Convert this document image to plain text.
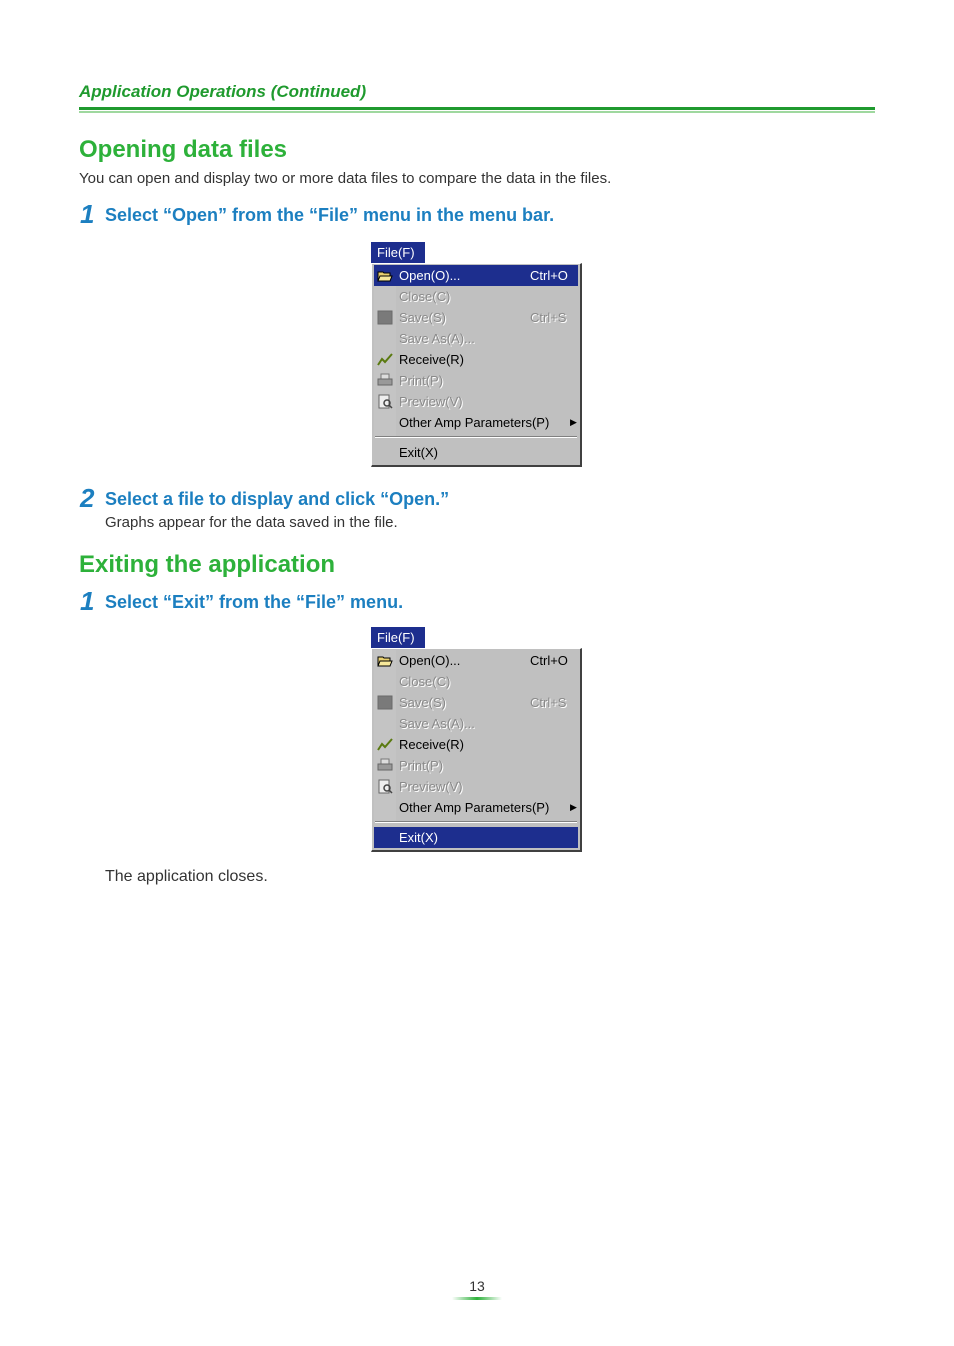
Application Operations (Continued)
Opening data files
You can open and display two or more data files to compare the data in the files.
1 Select “Open” from the “File” menu in the menu bar.
File(F)
Open(O)...	Ctrl+O
Close(C)
Save(S)	Ctrl+S
Save As(A)...
Receive(R)
Print(P)
Preview(V)
Other Amp Parameters(P) ▶
Exit(X)
2 Select a file to display and click “Open.”
Graphs appear for the data saved in the file.
Exiting the application
1 Select “Exit” from the “File” menu.
File(F)
Open(O)...	Ctrl+O
Close(C)
Save(S)	Ctrl+S
Save As(A)...
Receive(R)
Print(P)
Preview(V)
Other Amp Parameters(P) ▶
Exit(X)
The application closes.
13
